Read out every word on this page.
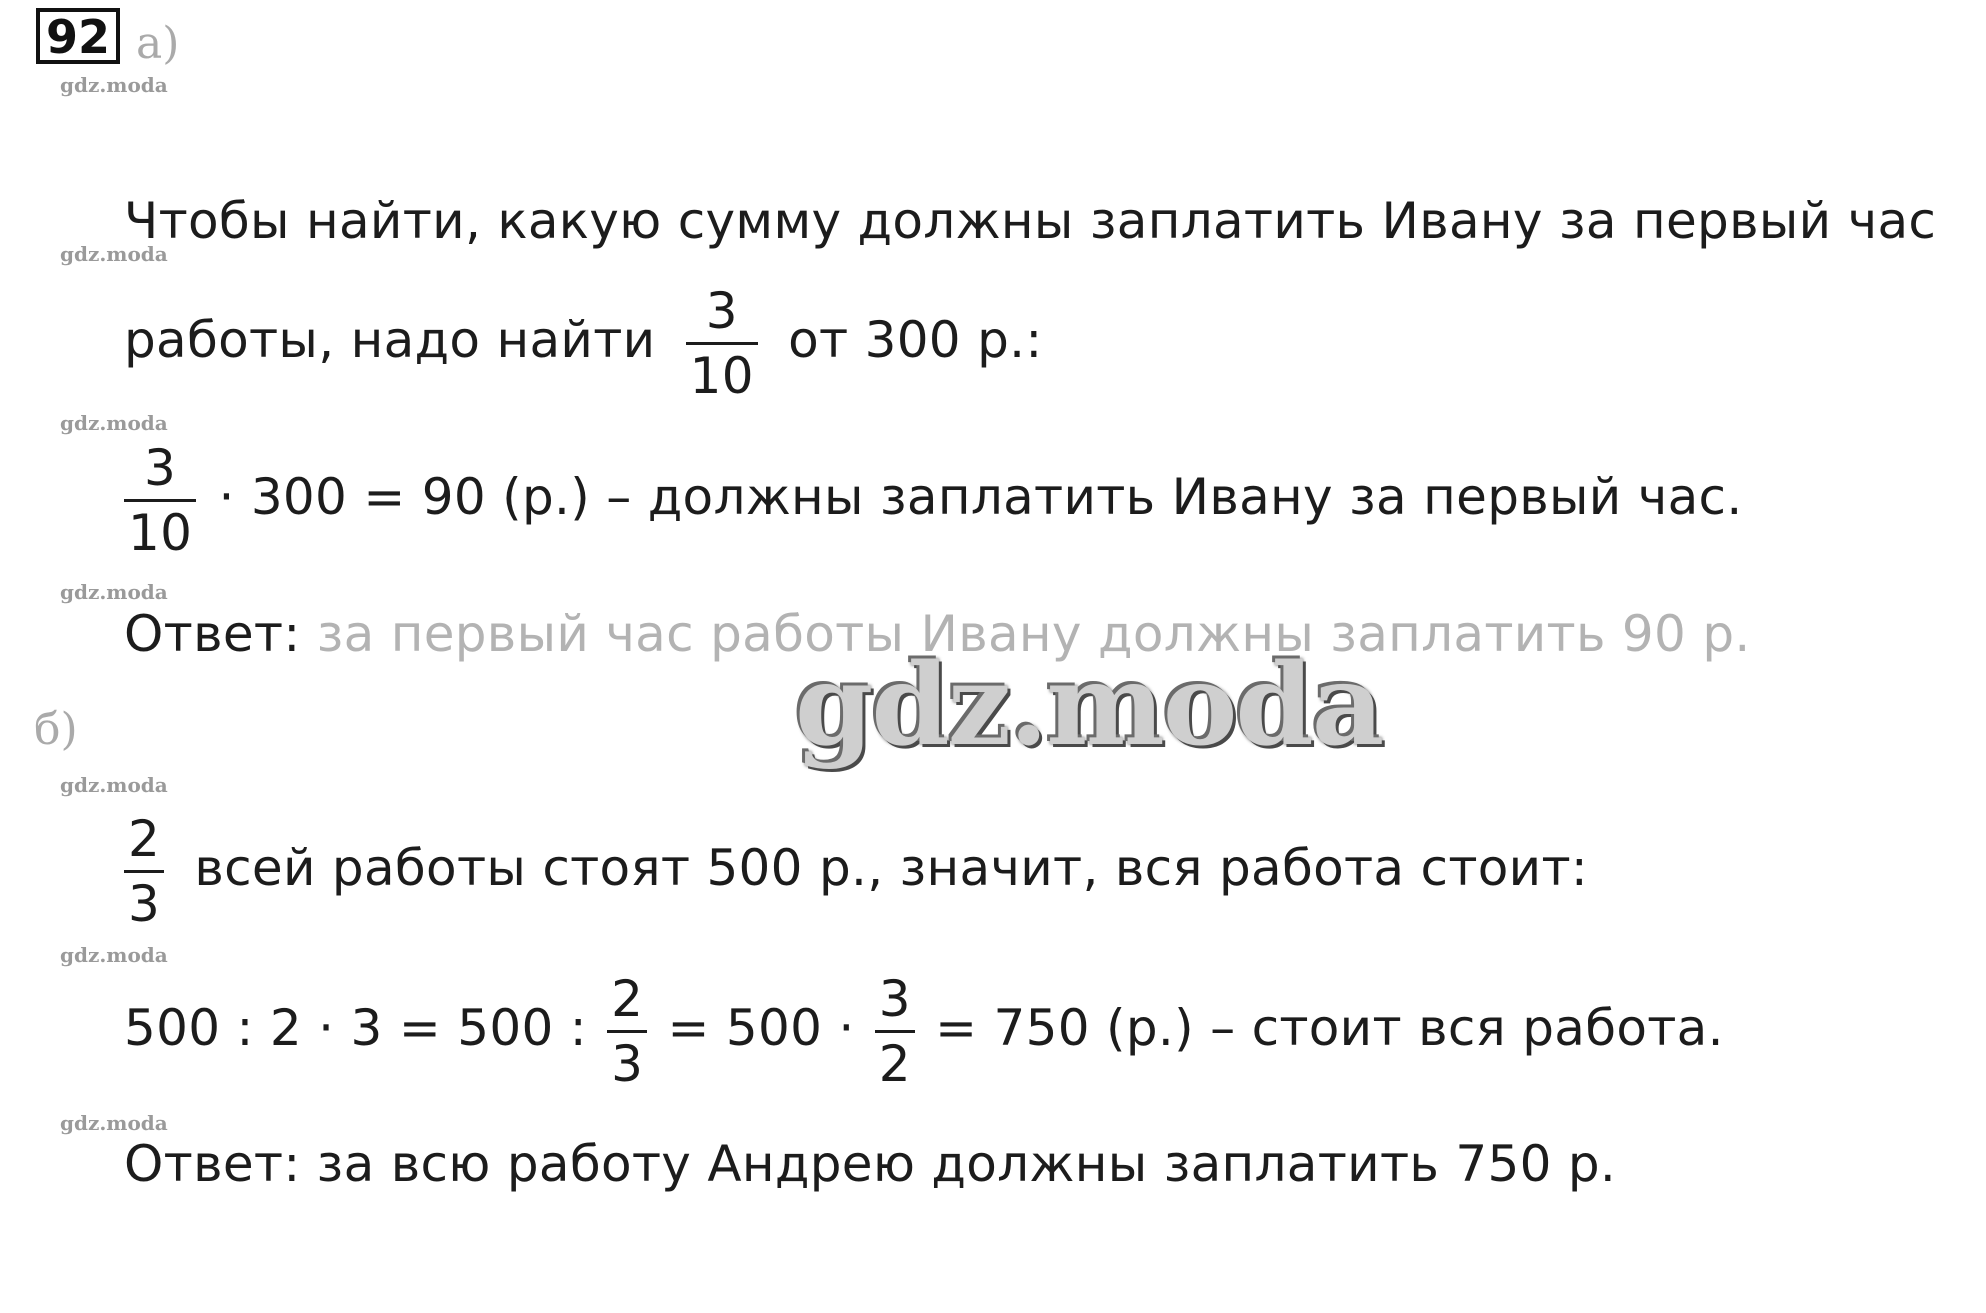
92 а)
gdz.moda
gdz.moda
gdz.moda
gdz.moda
gdz.moda
gdz.moda
gdz.moda
Чтобы найти, какую сумму должны заплатить Ивану за первый час
работы, надо найти $\frac{3}{10}$ от 300 р.:
$\frac{3}{10} \cdot 300 = 90$ (р.) – должны заплатить Ивану за первый час.
Ответ: за первый час работы Ивану должны заплатить 90 р.
gdz.moda
б)
$\frac{2}{3}$ всей работы стоят 500 р., значит, вся работа стоит:
500 : 2 · 3 = 500 : $\frac{2}{3} = 500 \cdot \frac{3}{2} = 750$ (р.) – стоит вся работа.
Ответ: за всю работу Андрею должны заплатить 750 р.
